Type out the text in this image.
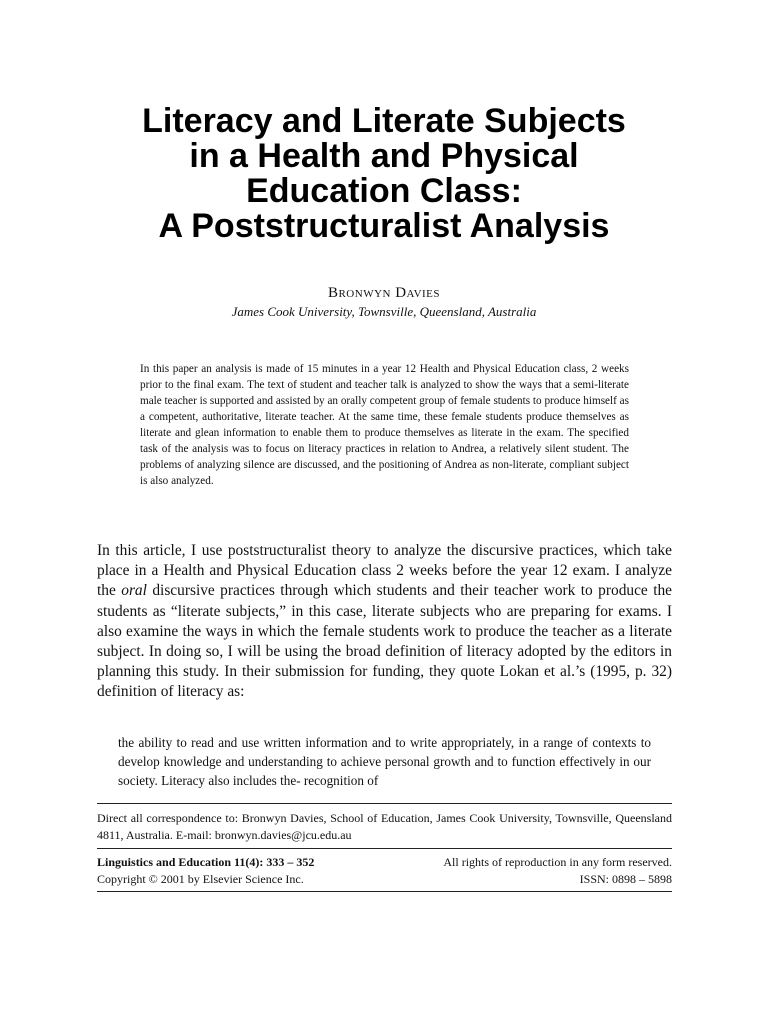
Literacy and Literate Subjects
in a Health and Physical
Education Class:
A Poststructuralist Analysis
Bronwyn Davies
James Cook University, Townsville, Queensland, Australia

In this paper an analysis is made of 15 minutes in a year 12 Health and Physical Education class, 2 weeks prior to the final exam. The text of student and teacher talk is analyzed to show the ways that a semi-literate male teacher is supported and assisted by an orally competent group of female students to produce himself as a competent, authoritative, literate teacher. At the same time, these female students produce themselves as literate and glean information to enable them to produce themselves as literate in the exam. The specified task of the analysis was to focus on literacy practices in relation to Andrea, a relatively silent student. The problems of analyzing silence are discussed, and the positioning of Andrea as non-literate, compliant subject is also analyzed.

In this article, I use poststructuralist theory to analyze the discursive practices, which take place in a Health and Physical Education class 2 weeks before the year 12 exam. I analyze the oral discursive practices through which students and their teacher work to produce the students as “literate subjects,” in this case, literate subjects who are preparing for exams. I also examine the ways in which the female students work to produce the teacher as a literate subject. In doing so, I will be using the broad definition of literacy adopted by the editors in planning this study. In their submission for funding, they quote Lokan et al.’s (1995, p. 32) definition of literacy as:

the ability to read and use written information and to write appropriately, in a range of contexts to develop knowledge and understanding to achieve personal growth and to function effectively in our society. Literacy also includes the- recognition of

Direct all correspondence to: Bronwyn Davies, School of Education, James Cook University, Townsville, Queensland 4811, Australia. E-mail: bronwyn.davies@jcu.edu.au

Linguistics and Education 11(4): 333 – 352	All rights of reproduction in any form reserved.
Copyright © 2001 by Elsevier Science Inc.	ISSN: 0898 – 5898
